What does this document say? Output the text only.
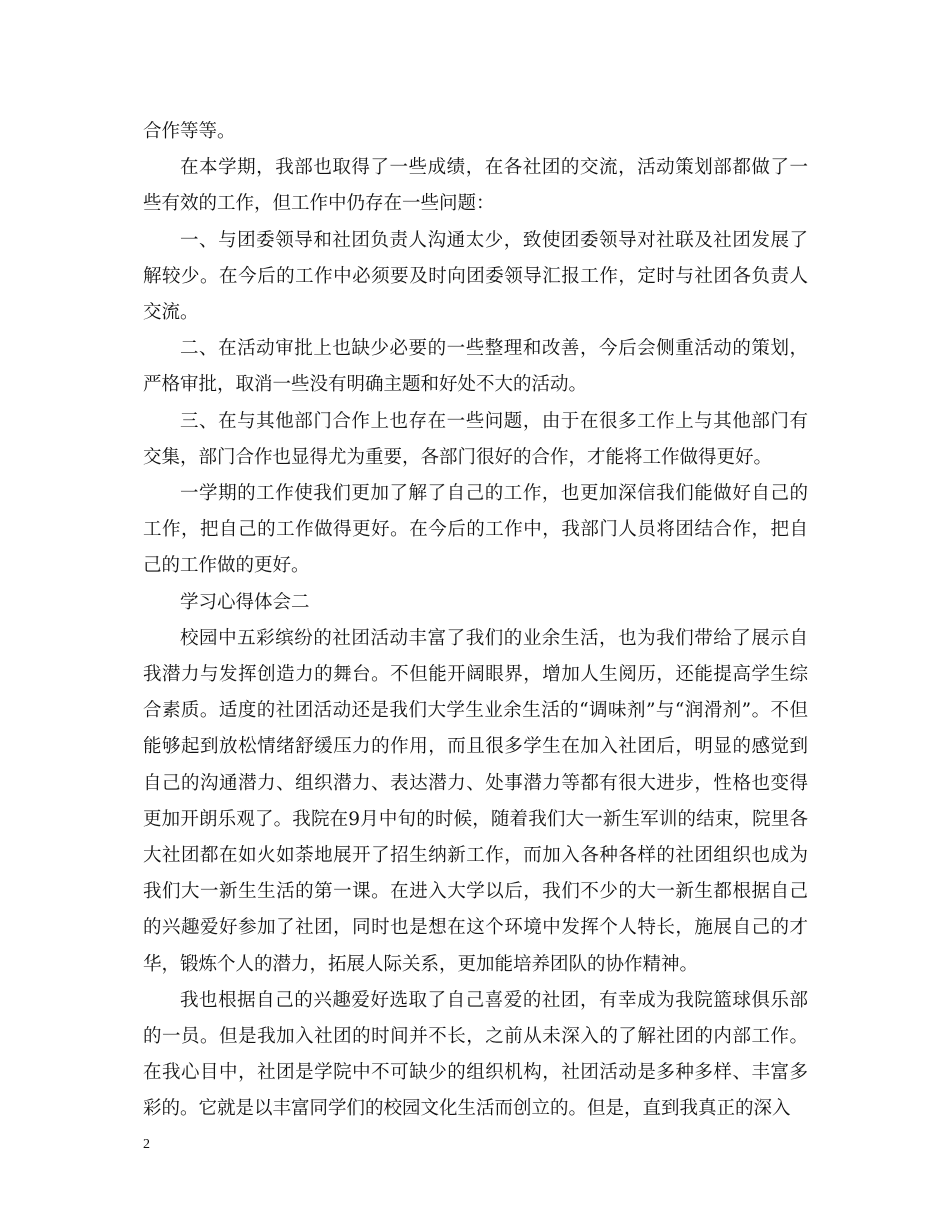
合作等等。

在本学期，我部也取得了一些成绩，在各社团的交流，活动策划部都做了一些有效的工作，但工作中仍存在一些问题：

一、与团委领导和社团负责人沟通太少，致使团委领导对社联及社团发展了解较少。在今后的工作中必须要及时向团委领导汇报工作，定时与社团各负责人交流。

二、在活动审批上也缺少必要的一些整理和改善，今后会侧重活动的策划，严格审批，取消一些没有明确主题和好处不大的活动。

三、在与其他部门合作上也存在一些问题，由于在很多工作上与其他部门有交集，部门合作也显得尤为重要，各部门很好的合作，才能将工作做得更好。

一学期的工作使我们更加了解了自己的工作，也更加深信我们能做好自己的工作，把自己的工作做得更好。在今后的工作中，我部门人员将团结合作，把自己的工作做的更好。

学习心得体会二

校园中五彩缤纷的社团活动丰富了我们的业余生活，也为我们带给了展示自我潜力与发挥创造力的舞台。不但能开阔眼界，增加人生阅历，还能提高学生综合素质。适度的社团活动还是我们大学生业余生活的“调味剂”与“润滑剂”。不但能够起到放松情绪舒缓压力的作用，而且很多学生在加入社团后，明显的感觉到自己的沟通潜力、组织潜力、表达潜力、处事潜力等都有很大进步，性格也变得更加开朗乐观了。我院在9月中旬的时候，随着我们大一新生军训的结束，院里各大社团都在如火如荼地展开了招生纳新工作，而加入各种各样的社团组织也成为我们大一新生生活的第一课。在进入大学以后，我们不少的大一新生都根据自己的兴趣爱好参加了社团，同时也是想在这个环境中发挥个人特长，施展自己的才华，锻炼个人的潜力，拓展人际关系，更加能培养团队的协作精神。

我也根据自己的兴趣爱好选取了自己喜爱的社团，有幸成为我院篮球俱乐部的一员。但是我加入社团的时间并不长，之前从未深入的了解社团的内部工作。在我心目中，社团是学院中不可缺少的组织机构，社团活动是多种多样、丰富多彩的。它就是以丰富同学们的校园文化生活而创立的。但是，直到我真正的深入

2
